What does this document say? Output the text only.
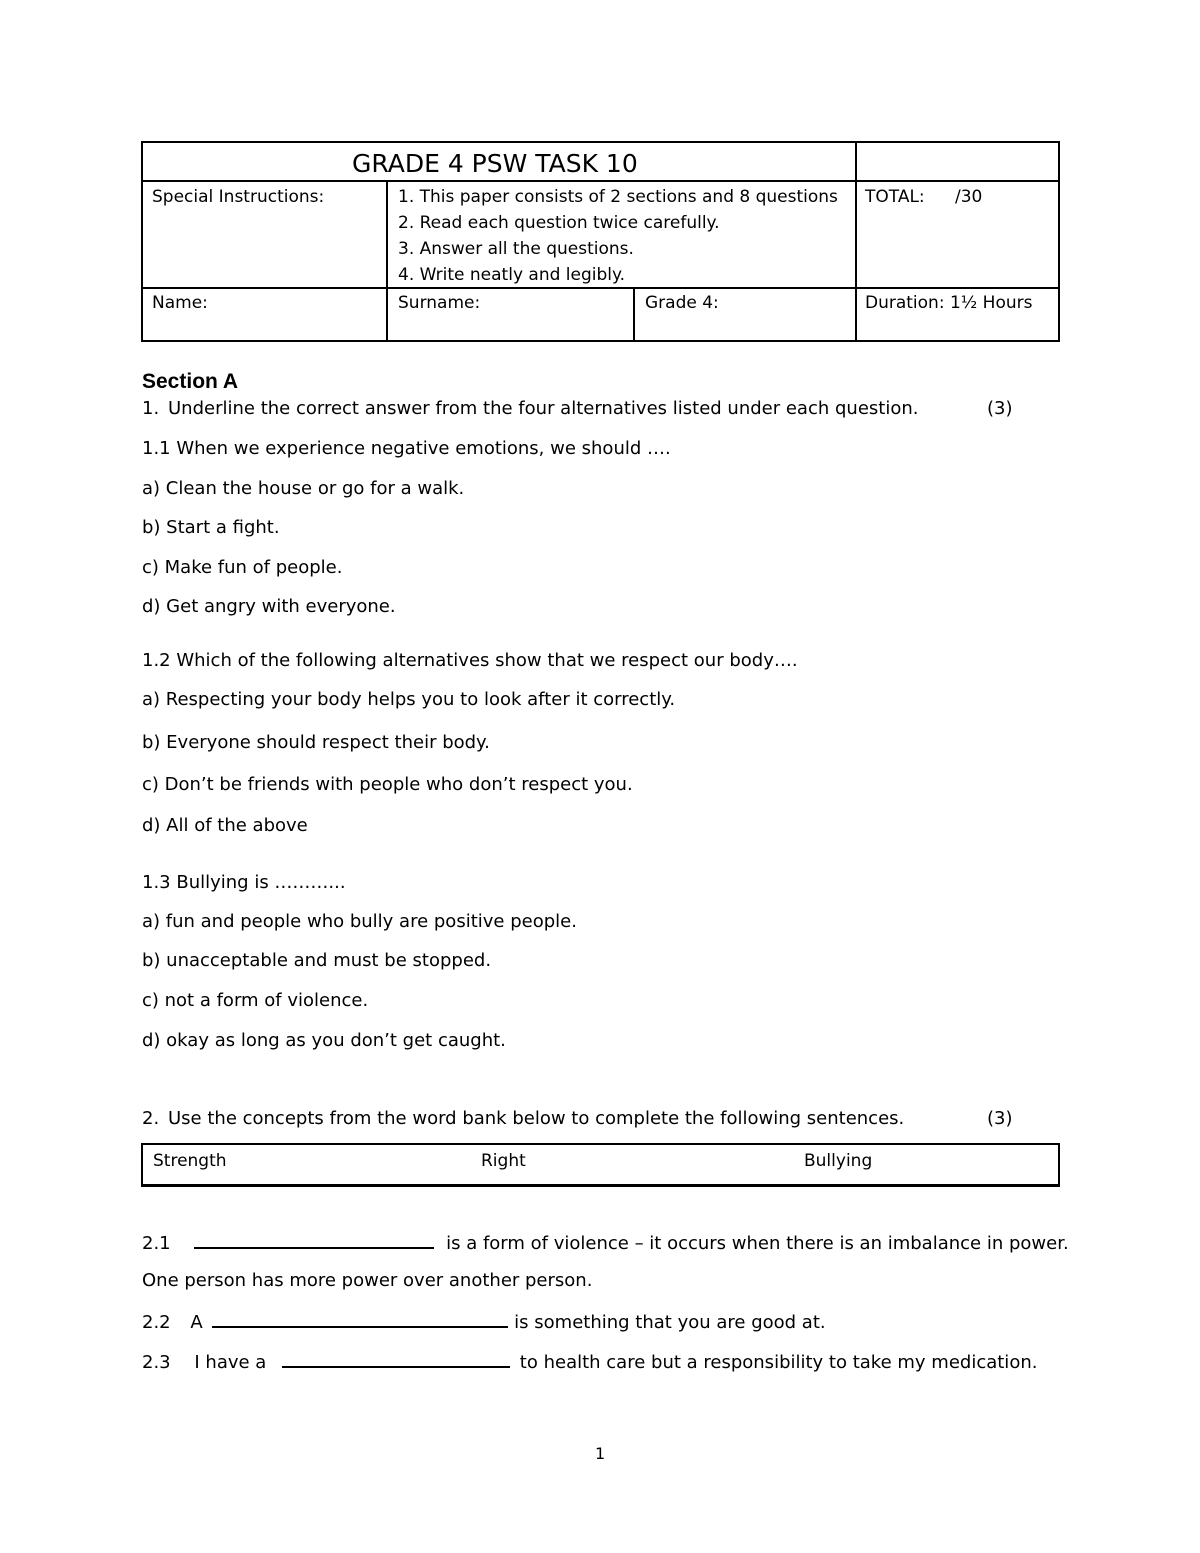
GRADE 4 PSW TASK 10
Special Instructions:	1. This paper consists of 2 sections and 8 questions
2. Read each question twice carefully.
3. Answer all the questions.
4. Write neatly and legibly.
TOTAL: /30
Name:	Surname:	Grade 4:	Duration: 1½ Hours
Section A
1. Underline the correct answer from the four alternatives listed under each question.	(3)
1.1 When we experience negative emotions, we should ….
a) Clean the house or go for a walk.
b) Start a fight.
c) Make fun of people.
d) Get angry with everyone.
1.2 Which of the following alternatives show that we respect our body….
a) Respecting your body helps you to look after it correctly.
b) Everyone should respect their body.
c) Don’t be friends with people who don’t respect you.
d) All of the above
1.3 Bullying is ………...
a) fun and people who bully are positive people.
b) unacceptable and must be stopped.
c) not a form of violence.
d) okay as long as you don’t get caught.
2. Use the concepts from the word bank below to complete the following sentences.	(3)
Strength	Right	Bullying
2.1	is a form of violence – it occurs when there is an imbalance in power.
One person has more power over another person.
2.2 A	is something that you are good at.
2.3 I have a	to health care but a responsibility to take my medication.
1
